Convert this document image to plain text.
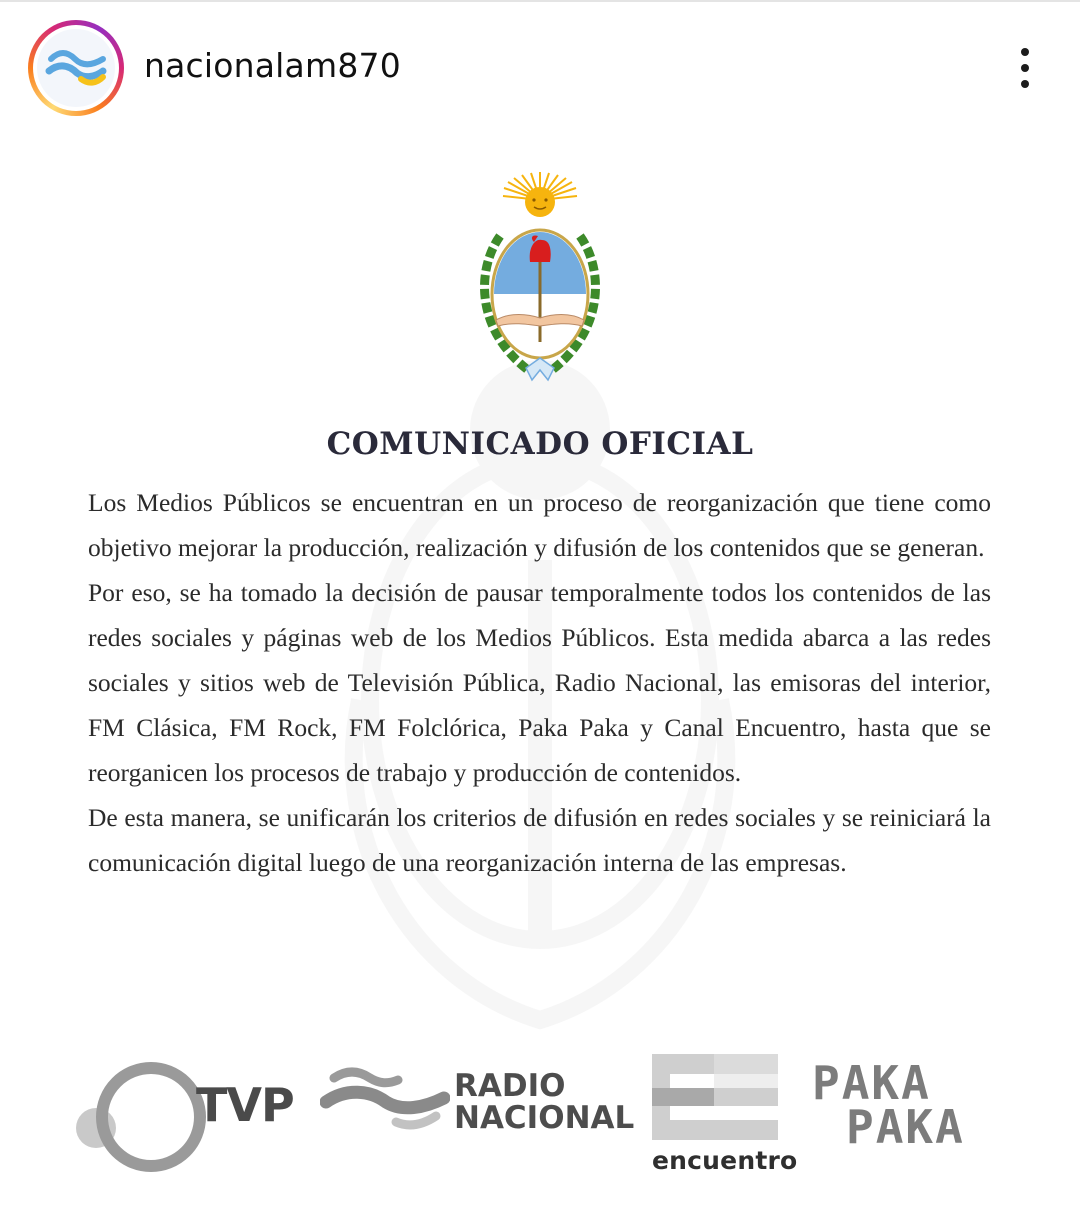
nacionalam870
COMUNICADO OFICIAL

Los Medios Públicos se encuentran en un proceso de reorganización que tiene como objetivo mejorar la producción, realización y difusión de los contenidos que se generan.

Por eso, se ha tomado la decisión de pausar temporalmente todos los contenidos de las redes sociales y páginas web de los Medios Públicos. Esta medida abarca a las redes sociales y sitios web de Televisión Pública, Radio Nacional, las emisoras del interior, FM Clásica, FM Rock, FM Folclórica, Paka Paka y Canal Encuentro, hasta que se reorganicen los procesos de trabajo y producción de contenidos.

De esta manera, se unificarán los criterios de difusión en redes sociales y se reiniciará la comunicación digital luego de una reorganización interna de las empresas.

TVP	RADIO
NACIONAL
encuentro
PAKA
PAKA
